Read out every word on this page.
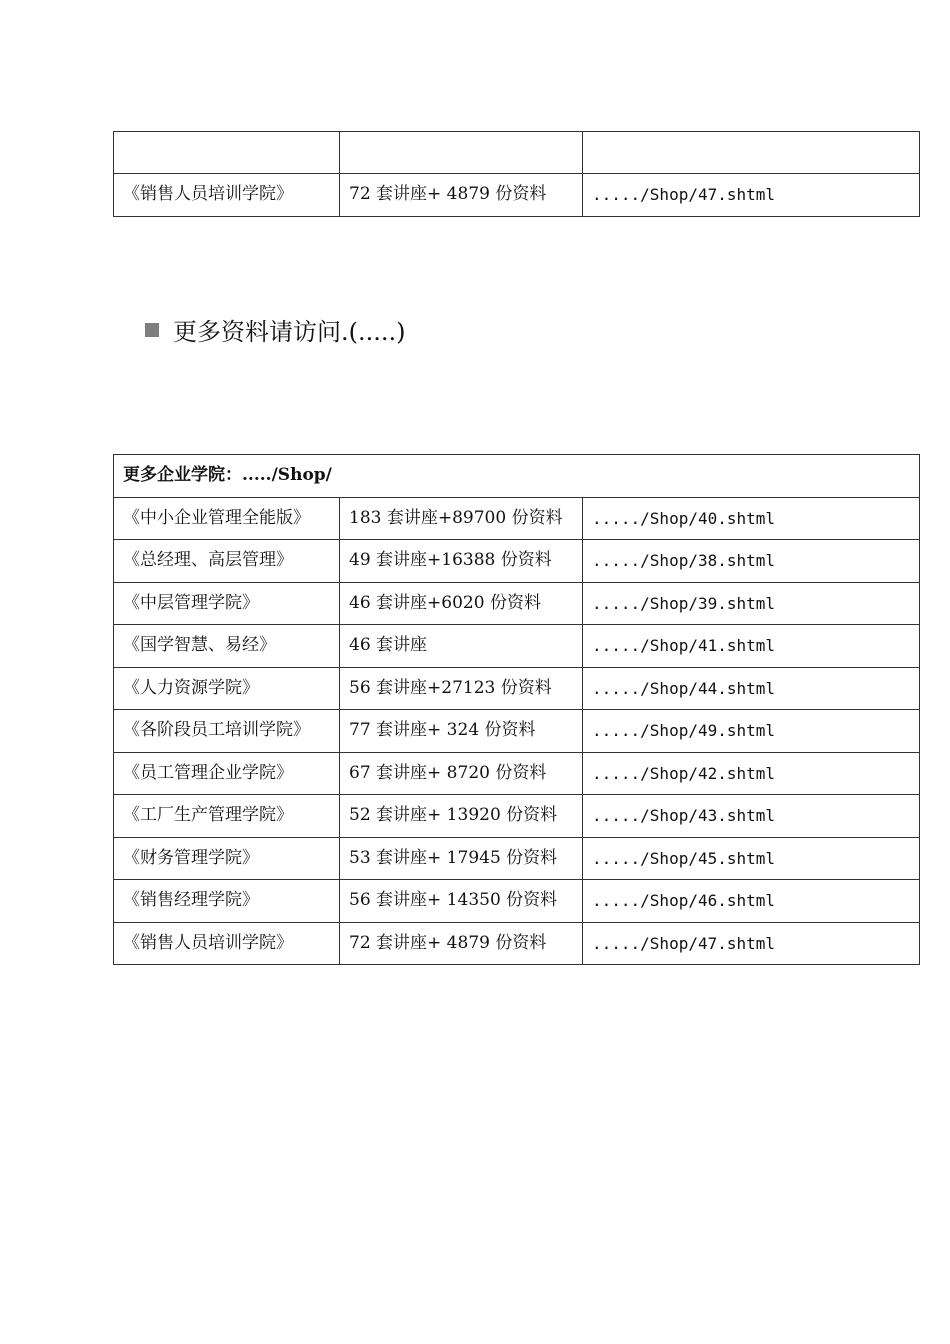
《销售人员培训学院》	72 套讲座+ 4879 份资料	...../Shop/47.shtml
更多资料请访问.(.....)
更多企业学院：...../Shop/		
《中小企业管理全能版》	183 套讲座+89700 份资料	...../Shop/40.shtml
《总经理、高层管理》	49 套讲座+16388 份资料	...../Shop/38.shtml
《中层管理学院》	46 套讲座+6020 份资料	...../Shop/39.shtml
《国学智慧、易经》	46 套讲座	...../Shop/41.shtml
《人力资源学院》	56 套讲座+27123 份资料	...../Shop/44.shtml
《各阶段员工培训学院》	77 套讲座+ 324 份资料	...../Shop/49.shtml
《员工管理企业学院》	67 套讲座+ 8720 份资料	...../Shop/42.shtml
《工厂生产管理学院》	52 套讲座+ 13920 份资料	...../Shop/43.shtml
《财务管理学院》	53 套讲座+ 17945 份资料	...../Shop/45.shtml
《销售经理学院》	56 套讲座+ 14350 份资料	...../Shop/46.shtml
《销售人员培训学院》	72 套讲座+ 4879 份资料	...../Shop/47.shtml
